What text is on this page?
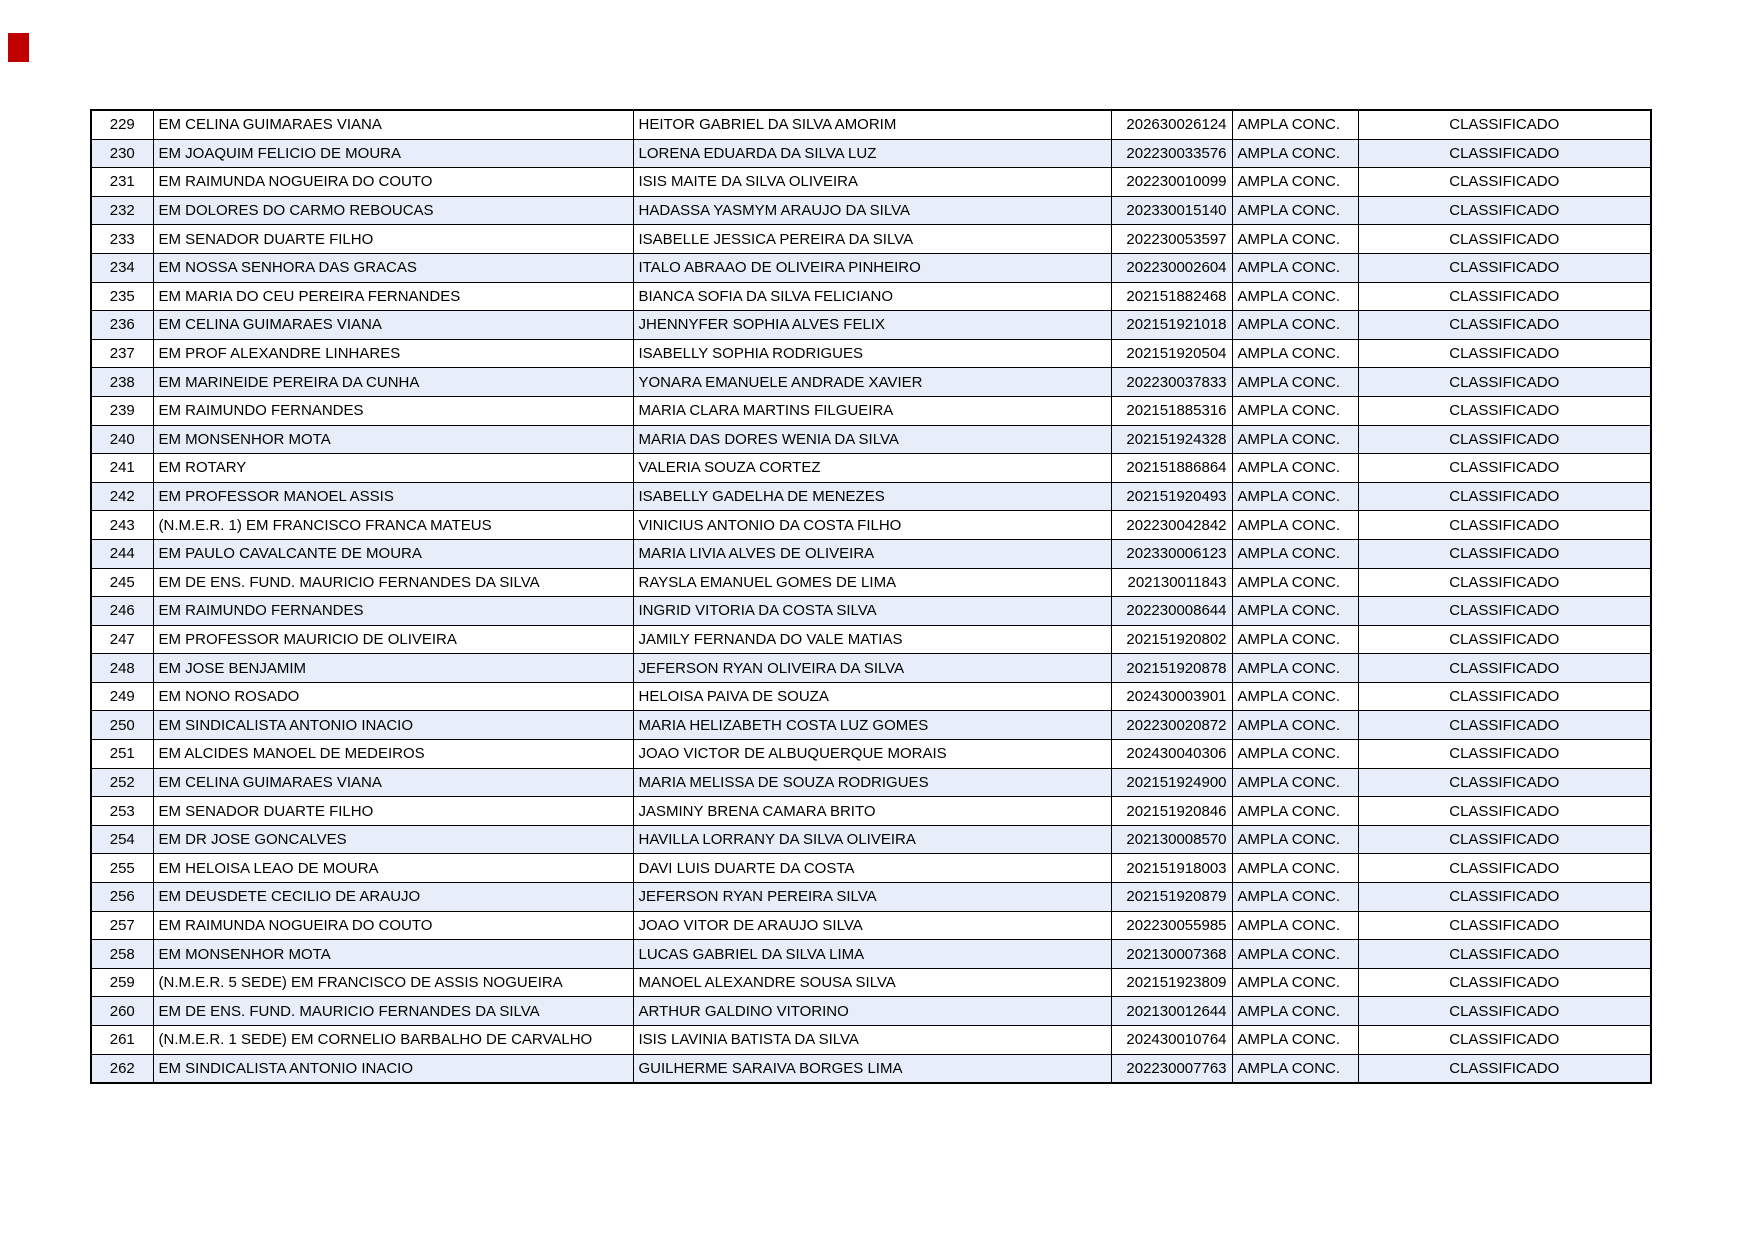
229	EM CELINA GUIMARAES VIANA	HEITOR GABRIEL DA SILVA AMORIM	202630026124	AMPLA CONC.	CLASSIFICADO
230	EM JOAQUIM FELICIO DE MOURA	LORENA EDUARDA DA SILVA LUZ	202230033576	AMPLA CONC.	CLASSIFICADO
231	EM RAIMUNDA NOGUEIRA DO COUTO	ISIS MAITE DA SILVA OLIVEIRA	202230010099	AMPLA CONC.	CLASSIFICADO
232	EM DOLORES DO CARMO REBOUCAS	HADASSA YASMYM ARAUJO DA SILVA	202330015140	AMPLA CONC.	CLASSIFICADO
233	EM SENADOR DUARTE FILHO	ISABELLE JESSICA PEREIRA DA SILVA	202230053597	AMPLA CONC.	CLASSIFICADO
234	EM NOSSA SENHORA DAS GRACAS	ITALO ABRAAO DE OLIVEIRA PINHEIRO	202230002604	AMPLA CONC.	CLASSIFICADO
235	EM MARIA DO CEU PEREIRA FERNANDES	BIANCA SOFIA DA SILVA FELICIANO	202151882468	AMPLA CONC.	CLASSIFICADO
236	EM CELINA GUIMARAES VIANA	JHENNYFER SOPHIA ALVES FELIX	202151921018	AMPLA CONC.	CLASSIFICADO
237	EM PROF ALEXANDRE LINHARES	ISABELLY SOPHIA RODRIGUES	202151920504	AMPLA CONC.	CLASSIFICADO
238	EM MARINEIDE PEREIRA DA CUNHA	YONARA EMANUELE ANDRADE XAVIER	202230037833	AMPLA CONC.	CLASSIFICADO
239	EM RAIMUNDO FERNANDES	MARIA CLARA MARTINS FILGUEIRA	202151885316	AMPLA CONC.	CLASSIFICADO
240	EM MONSENHOR MOTA	MARIA DAS DORES WENIA DA SILVA	202151924328	AMPLA CONC.	CLASSIFICADO
241	EM ROTARY	VALERIA SOUZA CORTEZ	202151886864	AMPLA CONC.	CLASSIFICADO
242	EM PROFESSOR MANOEL ASSIS	ISABELLY GADELHA DE MENEZES	202151920493	AMPLA CONC.	CLASSIFICADO
243	(N.M.E.R. 1) EM FRANCISCO FRANCA MATEUS	VINICIUS ANTONIO DA COSTA FILHO	202230042842	AMPLA CONC.	CLASSIFICADO
244	EM PAULO CAVALCANTE DE MOURA	MARIA LIVIA ALVES DE OLIVEIRA	202330006123	AMPLA CONC.	CLASSIFICADO
245	EM DE ENS. FUND. MAURICIO FERNANDES DA SILVA	RAYSLA EMANUEL GOMES DE LIMA	202130011843	AMPLA CONC.	CLASSIFICADO
246	EM RAIMUNDO FERNANDES	INGRID VITORIA DA COSTA SILVA	202230008644	AMPLA CONC.	CLASSIFICADO
247	EM PROFESSOR MAURICIO DE OLIVEIRA	JAMILY FERNANDA DO VALE MATIAS	202151920802	AMPLA CONC.	CLASSIFICADO
248	EM JOSE BENJAMIM	JEFERSON RYAN OLIVEIRA DA SILVA	202151920878	AMPLA CONC.	CLASSIFICADO
249	EM NONO ROSADO	HELOISA PAIVA DE SOUZA	202430003901	AMPLA CONC.	CLASSIFICADO
250	EM SINDICALISTA ANTONIO INACIO	MARIA HELIZABETH COSTA LUZ GOMES	202230020872	AMPLA CONC.	CLASSIFICADO
251	EM ALCIDES MANOEL DE MEDEIROS	JOAO VICTOR DE ALBUQUERQUE MORAIS	202430040306	AMPLA CONC.	CLASSIFICADO
252	EM CELINA GUIMARAES VIANA	MARIA MELISSA DE SOUZA RODRIGUES	202151924900	AMPLA CONC.	CLASSIFICADO
253	EM SENADOR DUARTE FILHO	JASMINY BRENA CAMARA BRITO	202151920846	AMPLA CONC.	CLASSIFICADO
254	EM DR JOSE GONCALVES	HAVILLA LORRANY DA SILVA OLIVEIRA	202130008570	AMPLA CONC.	CLASSIFICADO
255	EM HELOISA LEAO DE MOURA	DAVI LUIS DUARTE DA COSTA	202151918003	AMPLA CONC.	CLASSIFICADO
256	EM DEUSDETE CECILIO DE ARAUJO	JEFERSON RYAN PEREIRA SILVA	202151920879	AMPLA CONC.	CLASSIFICADO
257	EM RAIMUNDA NOGUEIRA DO COUTO	JOAO VITOR DE ARAUJO SILVA	202230055985	AMPLA CONC.	CLASSIFICADO
258	EM MONSENHOR MOTA	LUCAS GABRIEL DA SILVA LIMA	202130007368	AMPLA CONC.	CLASSIFICADO
259	(N.M.E.R. 5 SEDE) EM FRANCISCO DE ASSIS NOGUEIRA	MANOEL ALEXANDRE SOUSA SILVA	202151923809	AMPLA CONC.	CLASSIFICADO
260	EM DE ENS. FUND. MAURICIO FERNANDES DA SILVA	ARTHUR GALDINO VITORINO	202130012644	AMPLA CONC.	CLASSIFICADO
261	(N.M.E.R. 1 SEDE) EM CORNELIO BARBALHO DE CARVALHO	ISIS LAVINIA BATISTA DA SILVA	202430010764	AMPLA CONC.	CLASSIFICADO
262	EM SINDICALISTA ANTONIO INACIO	GUILHERME SARAIVA BORGES LIMA	202230007763	AMPLA CONC.	CLASSIFICADO
